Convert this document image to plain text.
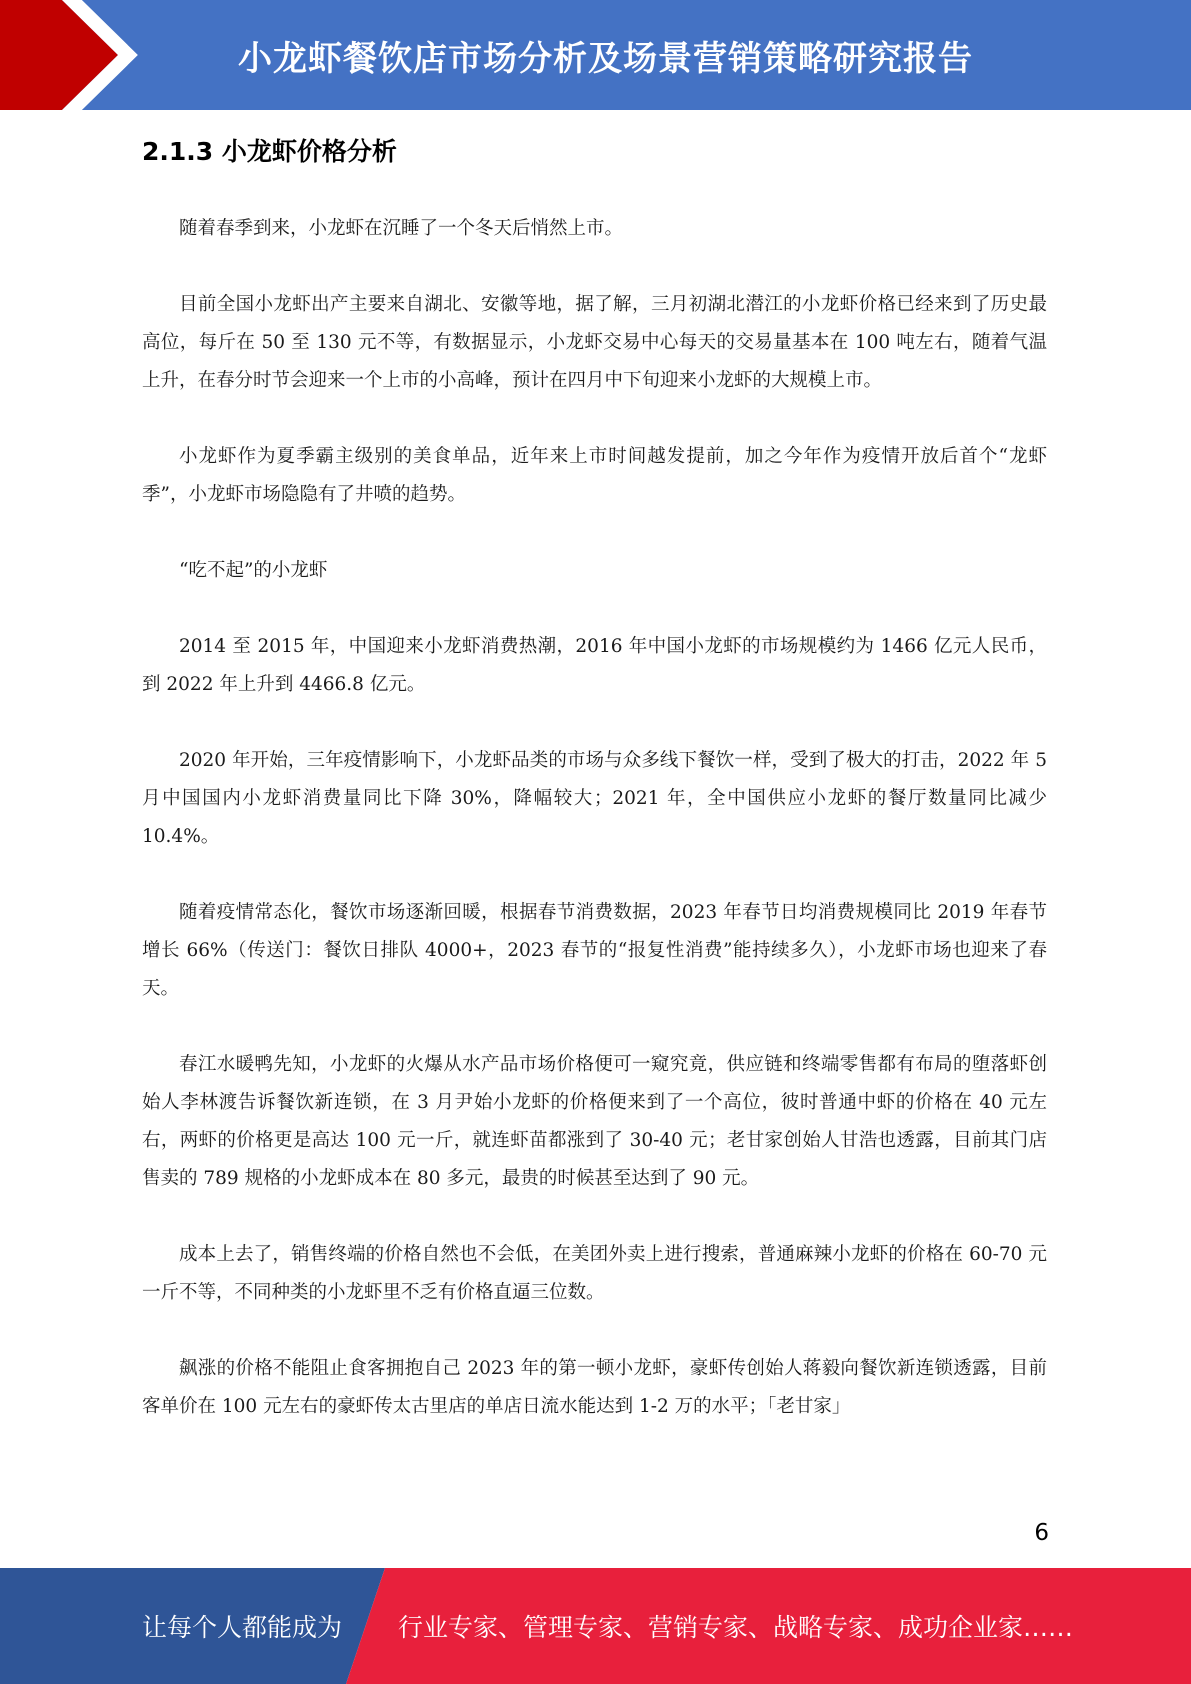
小龙虾餐饮店市场分析及场景营销策略研究报告
2.1.3 小龙虾价格分析

随着春季到来，小龙虾在沉睡了一个冬天后悄然上市。

目前全国小龙虾出产主要来自湖北、安徽等地，据了解，三月初湖北潜江的小龙虾价格已经来到了历史最高位，每斤在 50 至 130 元不等，有数据显示，小龙虾交易中心每天的交易量基本在 100 吨左右，随着气温上升，在春分时节会迎来一个上市的小高峰，预计在四月中下旬迎来小龙虾的大规模上市。

小龙虾作为夏季霸主级别的美食单品，近年来上市时间越发提前，加之今年作为疫情开放后首个“龙虾季”，小龙虾市场隐隐有了井喷的趋势。

“吃不起”的小龙虾

2014 至 2015 年，中国迎来小龙虾消费热潮，2016 年中国小龙虾的市场规模约为 1466 亿元人民币，到 2022 年上升到 4466.8 亿元。

2020 年开始，三年疫情影响下，小龙虾品类的市场与众多线下餐饮一样，受到了极大的打击，2022 年 5 月中国国内小龙虾消费量同比下降 30%，降幅较大；2021 年，全中国供应小龙虾的餐厅数量同比减少 10.4%。

随着疫情常态化，餐饮市场逐渐回暖，根据春节消费数据，2023 年春节日均消费规模同比 2019 年春节增长 66%（传送门：餐饮日排队 4000+，2023 春节的“报复性消费”能持续多久），小龙虾市场也迎来了春天。

春江水暖鸭先知，小龙虾的火爆从水产品市场价格便可一窥究竟，供应链和终端零售都有布局的堕落虾创始人李林渡告诉餐饮新连锁，在 3 月尹始小龙虾的价格便来到了一个高位，彼时普通中虾的价格在 40 元左右，两虾的价格更是高达 100 元一斤，就连虾苗都涨到了 30-40 元；老甘家创始人甘浩也透露，目前其门店售卖的 789 规格的小龙虾成本在 80 多元，最贵的时候甚至达到了 90 元。

成本上去了，销售终端的价格自然也不会低，在美团外卖上进行搜索，普通麻辣小龙虾的价格在 60-70 元一斤不等，不同种类的小龙虾里不乏有价格直逼三位数。

飙涨的价格不能阻止食客拥抱自己 2023 年的第一顿小龙虾，豪虾传创始人蒋毅向餐饮新连锁透露，目前客单价在 100 元左右的豪虾传太古里店的单店日流水能达到 1-2 万的水平；「老甘家」

6
让每个人都能成为 行业专家、管理专家、营销专家、战略专家、成功企业家……
